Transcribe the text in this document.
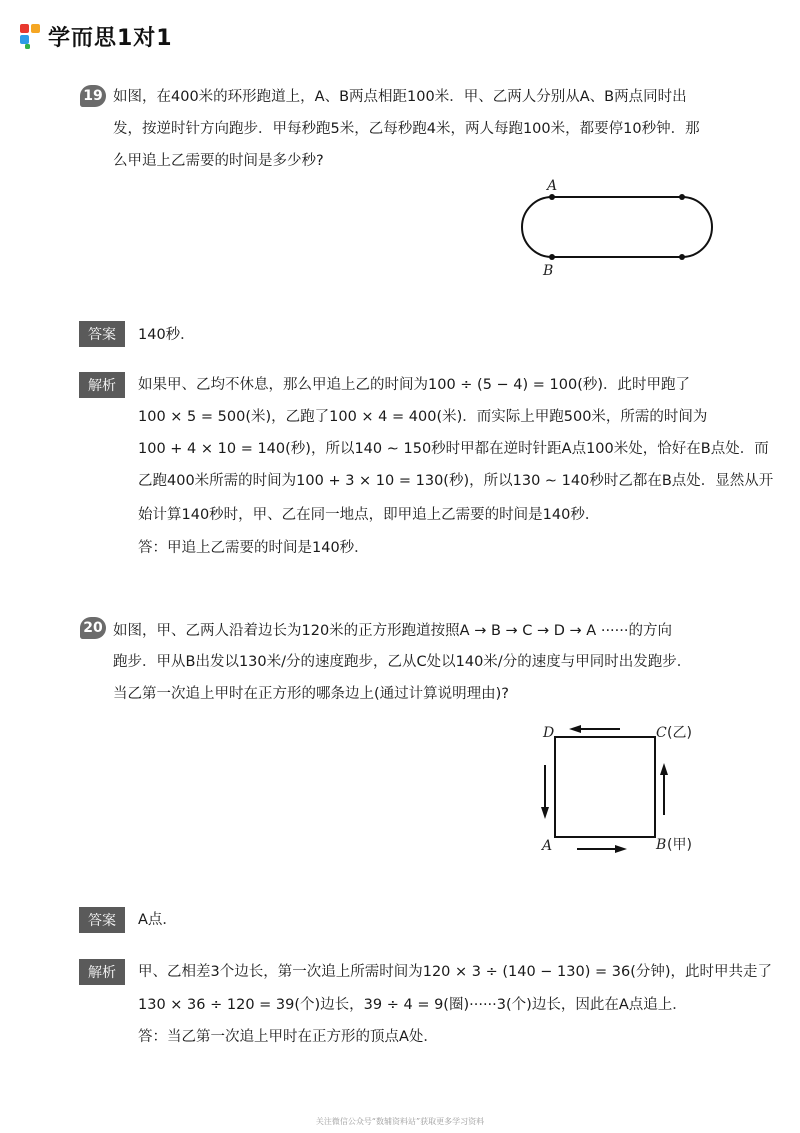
学而思1对1
19 如图，在400米的环形跑道上，A、B两点相距100米．甲、乙两人分别从A、B两点同时出
发，按逆时针方向跑步．甲每秒跑5米，乙每秒跑4米，两人每跑100米，都要停10秒钟．那
么甲追上乙需要的时间是多少秒?
A
B
答案	140秒．
解析	如果甲、乙均不休息，那么甲追上乙的时间为100 ÷ (5 − 4) = 100(秒)．此时甲跑了
100 × 5 = 500(米)，乙跑了100 × 4 = 400(米)．而实际上甲跑500米，所需的时间为
100 + 4 × 10 = 140(秒)，所以140 ∼ 150秒时甲都在逆时针距A点100米处，恰好在B点处．而
乙跑400米所需的时间为100 + 3 × 10 = 130(秒)，所以130 ∼ 140秒时乙都在B点处．显然从开
始计算140秒时，甲、乙在同一地点，即甲追上乙需要的时间是140秒．
答：甲追上乙需要的时间是140秒．
20 如图，甲、乙两人沿着边长为120米的正方形跑道按照A → B → C → D → A ······的方向
跑步．甲从B出发以130米/分的速度跑步，乙从C处以140米/分的速度与甲同时出发跑步．
当乙第一次追上甲时在正方形的哪条边上(通过计算说明理由)?
D	C (乙)
A	B (甲)
答案	A点．
解析	甲、乙相差3个边长，第一次追上所需时间为120 × 3 ÷ (140 − 130) = 36(分钟)，此时甲共走了
130 × 36 ÷ 120 = 39(个)边长，39 ÷ 4 = 9(圈)······3(个)边长，因此在A点追上．
答：当乙第一次追上甲时在正方形的顶点A处．
关注微信公众号“数辅资料站”获取更多学习资料
